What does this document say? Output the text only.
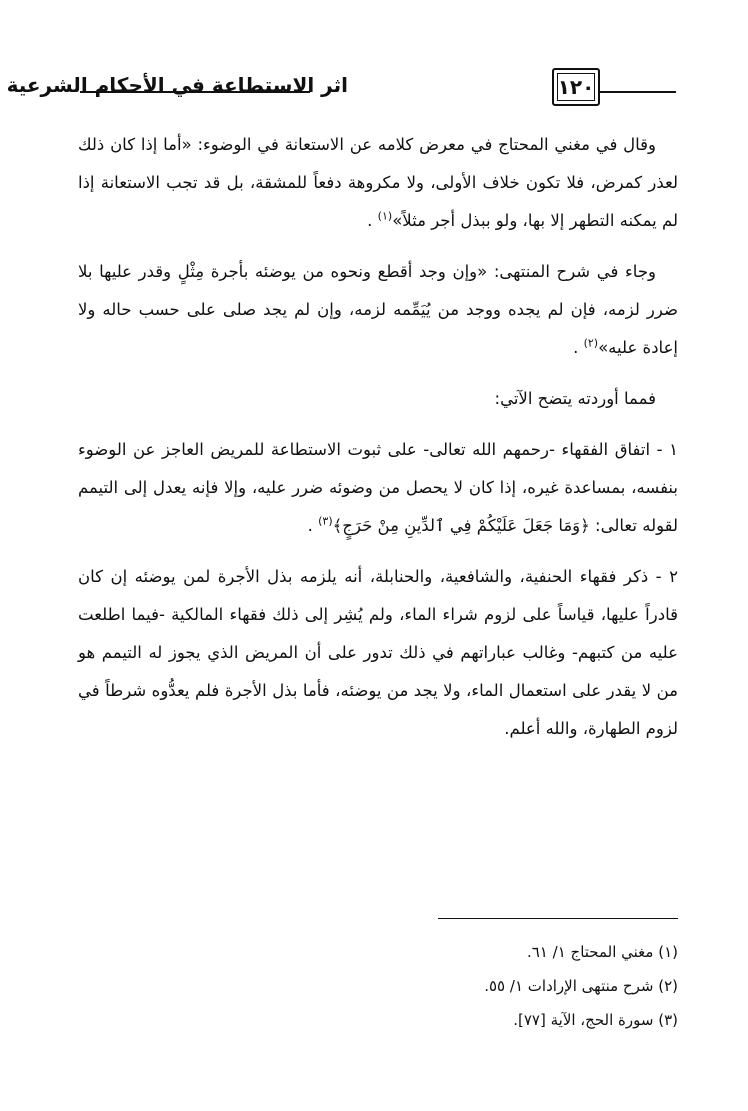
اثر الاستطاعة في الأحكام الشرعية	١٢٠

وقال في مغني المحتاج في معرض كلامه عن الاستعانة في الوضوء: «أما إذا كان ذلك لعذر كمرض، فلا تكون خلاف الأولى، ولا مكروهة دفعاً للمشقة، بل قد تجب الاستعانة إذا لم يمكنه التطهر إلا بها، ولو ببذل أجر مثلاً»$^{(١)}$ .

وجاء في شرح المنتهى: «وإن وجد أقطع ونحوه من يوضئه بأجرة مِثْلٍ وقدر عليها بلا ضرر لزمه، فإن لم يجده ووجد من يُيَمِّمه لزمه، وإن لم يجد صلى على حسب حاله ولا إعادة عليه»$^{(٢)}$ .

فمما أوردته يتضح الآتي:

١ - اتفاق الفقهاء -رحمهم الله تعالى- على ثبوت الاستطاعة للمريض العاجز عن الوضوء بنفسه، بمساعدة غيره، إذا كان لا يحصل من وضوئه ضرر عليه، وإلا فإنه يعدل إلى التيمم لقوله تعالى: ﴿وَمَا جَعَلَ عَلَيْكُمْ فِي ٱلدِّينِ مِنْ حَرَجٍ﴾$^{(٣)}$ .

٢ - ذكر فقهاء الحنفية، والشافعية، والحنابلة، أنه يلزمه بذل الأجرة لمن يوضئه إن كان قادراً عليها، قياساً على لزوم شراء الماء، ولم يُشِر إلى ذلك فقهاء المالكية -فيما اطلعت عليه من كتبهم- وغالب عباراتهم في ذلك تدور على أن المريض الذي يجوز له التيمم هو من لا يقدر على استعمال الماء، ولا يجد من يوضئه، فأما بذل الأجرة فلم يعدُّوه شرطاً في لزوم الطهارة، والله أعلم.

(١) مغني المحتاج ١/ ٦١.
(٢) شرح منتهى الإرادات ١/ ٥٥.
(٣) سورة الحج، الآية [٧٧].
